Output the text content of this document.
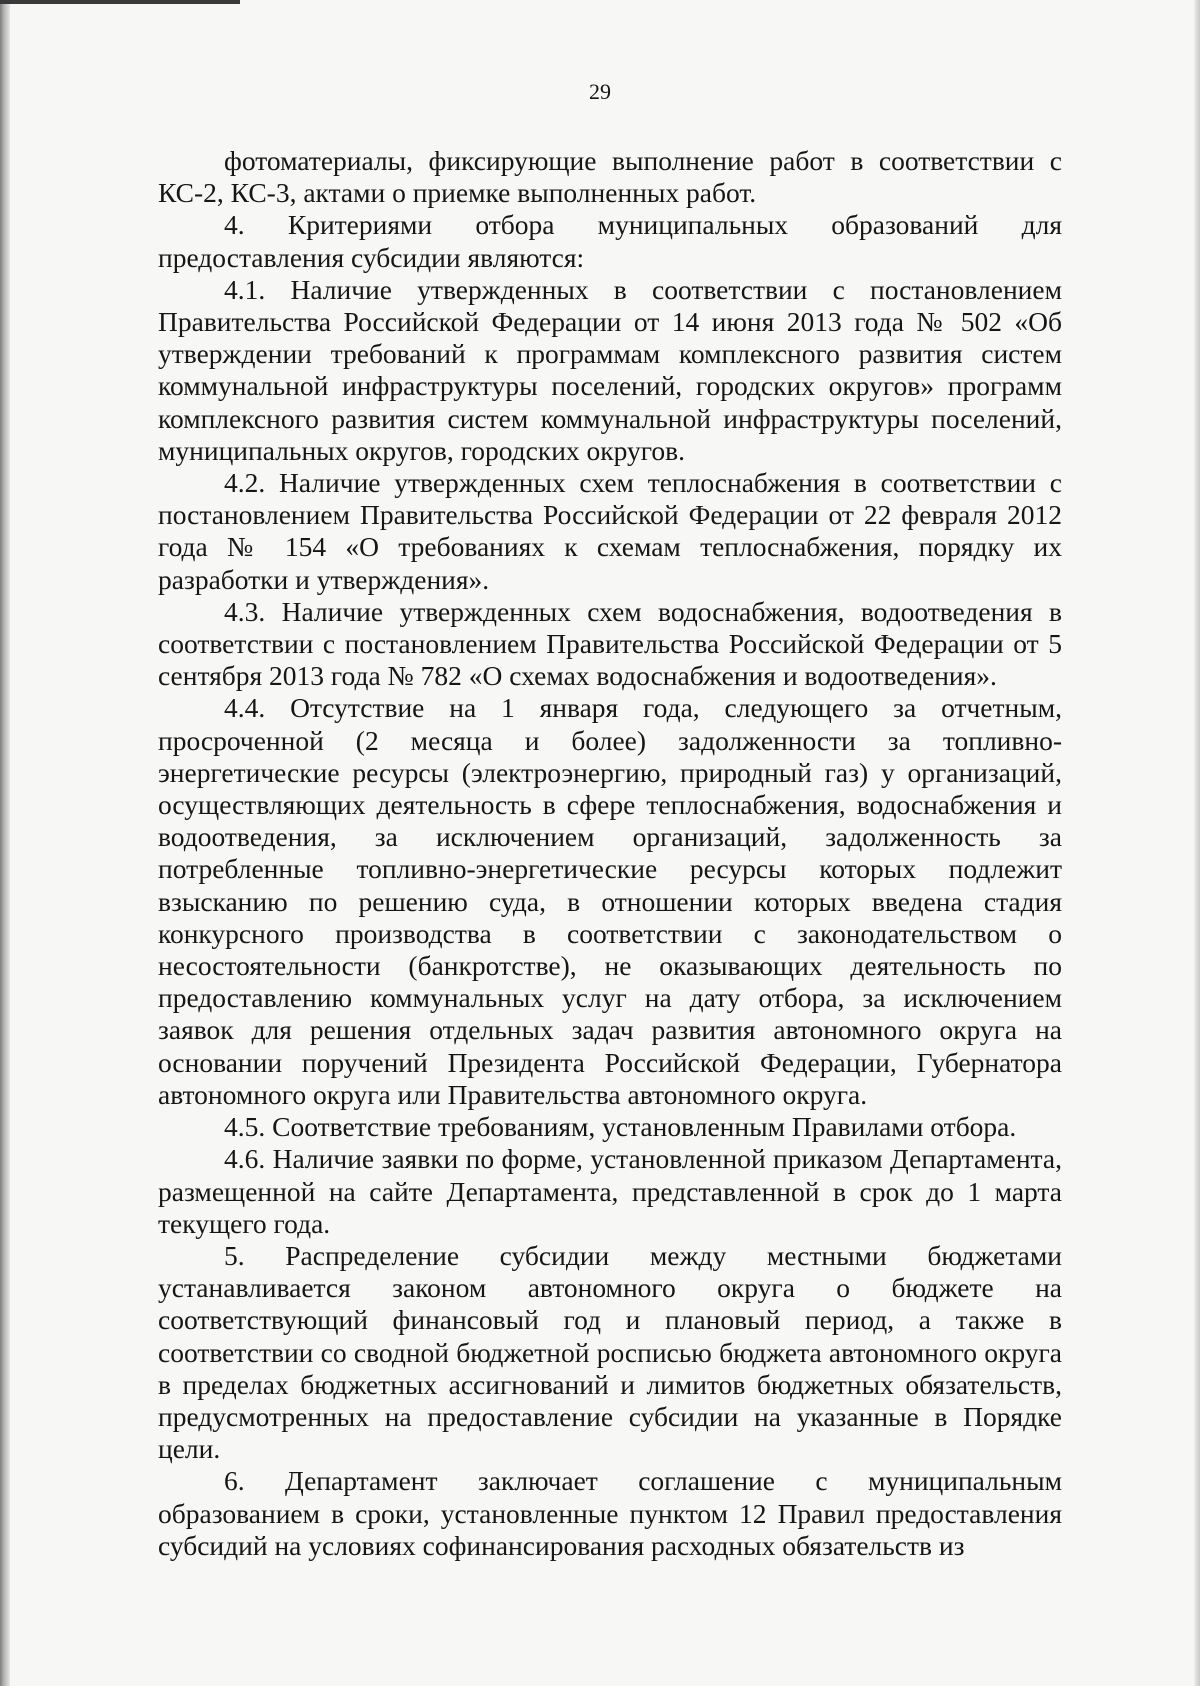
29

фотоматериалы, фиксирующие выполнение работ в соответствии с КС-2, КС-3, актами о приемке выполненных работ.

4. Критериями отбора муниципальных образований для предоставления субсидии являются:

4.1. Наличие утвержденных в соответствии с постановлением Правительства Российской Федерации от 14 июня 2013 года № 502 «Об утверждении требований к программам комплексного развития систем коммунальной инфраструктуры поселений, городских округов» программ комплексного развития систем коммунальной инфраструктуры поселений, муниципальных округов, городских округов.

4.2. Наличие утвержденных схем теплоснабжения в соответствии с постановлением Правительства Российской Федерации от 22 февраля 2012 года № 154 «О требованиях к схемам теплоснабжения, порядку их разработки и утверждения».

4.3. Наличие утвержденных схем водоснабжения, водоотведения в соответствии с постановлением Правительства Российской Федерации от 5 сентября 2013 года № 782 «О схемах водоснабжения и водоотведения».

4.4. Отсутствие на 1 января года, следующего за отчетным, просроченной (2 месяца и более) задолженности за топливно-энергетические ресурсы (электроэнергию, природный газ) у организаций, осуществляющих деятельность в сфере теплоснабжения, водоснабжения и водоотведения, за исключением организаций, задолженность за потребленные топливно-энергетические ресурсы которых подлежит взысканию по решению суда, в отношении которых введена стадия конкурсного производства в соответствии с законодательством о несостоятельности (банкротстве), не оказывающих деятельность по предоставлению коммунальных услуг на дату отбора, за исключением заявок для решения отдельных задач развития автономного округа на основании поручений Президента Российской Федерации, Губернатора автономного округа или Правительства автономного округа.

4.5. Соответствие требованиям, установленным Правилами отбора.

4.6. Наличие заявки по форме, установленной приказом Департамента, размещенной на сайте Департамента, представленной в срок до 1 марта текущего года.

5. Распределение субсидии между местными бюджетами устанавливается законом автономного округа о бюджете на соответствующий финансовый год и плановый период, а также в соответствии со сводной бюджетной росписью бюджета автономного округа в пределах бюджетных ассигнований и лимитов бюджетных обязательств, предусмотренных на предоставление субсидии на указанные в Порядке цели.

6. Департамент заключает соглашение с муниципальным образованием в сроки, установленные пунктом 12 Правил предоставления субсидий на условиях софинансирования расходных обязательств из
